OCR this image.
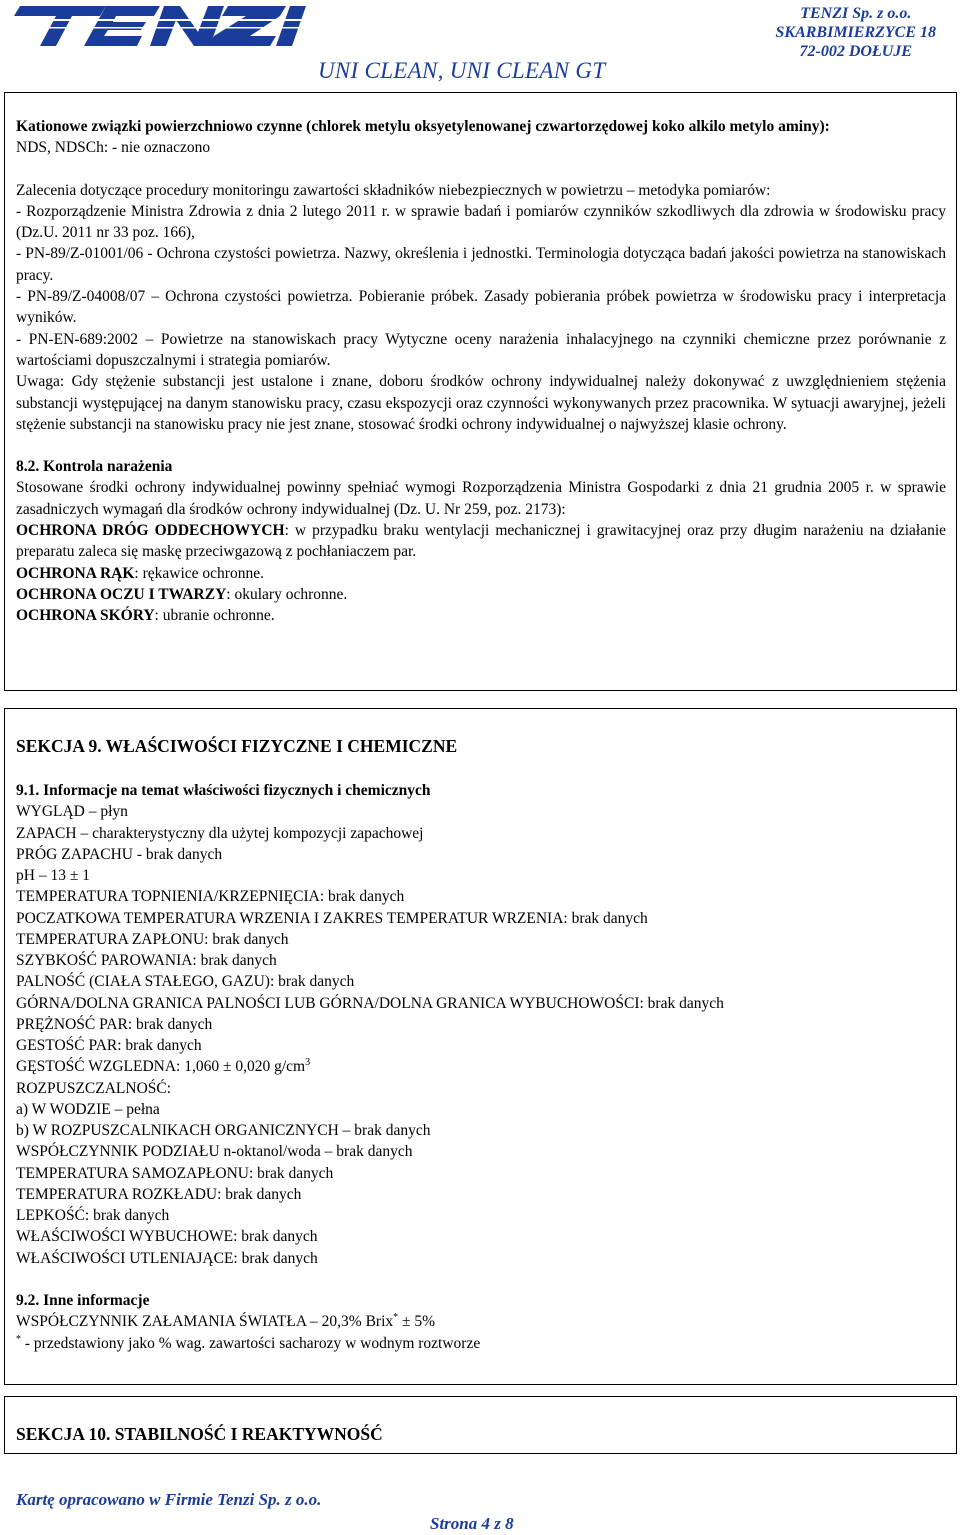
TENZI Sp. z o.o.
SKARBIMIERZYCE 18
72-002 DOŁUJE
UNI CLEAN, UNI CLEAN GT

Kationowe związki powierzchniowo czynne (chlorek metylu oksyetylenowanej czwartorzędowej koko alkilo metylo aminy):

NDS, NDSCh: - nie oznaczono

Zalecenia dotyczące procedury monitoringu zawartości składników niebezpiecznych w powietrzu – metodyka pomiarów:

- Rozporządzenie Ministra Zdrowia z dnia 2 lutego 2011 r. w sprawie badań i pomiarów czynników szkodliwych dla zdrowia w środowisku pracy (Dz.U. 2011 nr 33 poz. 166),

- PN-89/Z-01001/06 - Ochrona czystości powietrza. Nazwy, określenia i jednostki. Terminologia dotycząca badań jakości powietrza na stanowiskach pracy.

- PN-89/Z-04008/07 – Ochrona czystości powietrza. Pobieranie próbek. Zasady pobierania próbek powietrza w środowisku pracy i interpretacja wyników.

- PN-EN-689:2002 – Powietrze na stanowiskach pracy Wytyczne oceny narażenia inhalacyjnego na czynniki chemiczne przez porównanie z wartościami dopuszczalnymi i strategia pomiarów.

Uwaga: Gdy stężenie substancji jest ustalone i znane, doboru środków ochrony indywidualnej należy dokonywać z uwzględnieniem stężenia substancji występującej na danym stanowisku pracy, czasu ekspozycji oraz czynności wykonywanych przez pracownika. W sytuacji awaryjnej, jeżeli stężenie substancji na stanowisku pracy nie jest znane, stosować środki ochrony indywidualnej o najwyższej klasie ochrony.

8.2. Kontrola narażenia

Stosowane środki ochrony indywidualnej powinny spełniać wymogi Rozporządzenia Ministra Gospodarki z dnia 21 grudnia 2005 r. w sprawie zasadniczych wymagań dla środków ochrony indywidualnej (Dz. U. Nr 259, poz. 2173):

OCHRONA DRÓG ODDECHOWYCH: w przypadku braku wentylacji mechanicznej i grawitacyjnej oraz przy długim narażeniu na działanie preparatu zaleca się maskę przeciwgazową z pochłaniaczem par.

OCHRONA RĄK: rękawice ochronne.

OCHRONA OCZU I TWARZY: okulary ochronne.

OCHRONA SKÓRY: ubranie ochronne.

SEKCJA 9. WŁAŚCIWOŚCI FIZYCZNE I CHEMICZNE
9.1. Informacje na temat właściwości fizycznych i chemicznych
WYGLĄD – płyn
ZAPACH – charakterystyczny dla użytej kompozycji zapachowej
PRÓG ZAPACHU - brak danych
pH – 13 ± 1
TEMPERATURA TOPNIENIA/KRZEPNIĘCIA: brak danych
POCZATKOWA TEMPERATURA WRZENIA I ZAKRES TEMPERATUR WRZENIA: brak danych
TEMPERATURA ZAPŁONU: brak danych
SZYBKOŚĆ PAROWANIA: brak danych
PALNOŚĆ (CIAŁA STAŁEGO, GAZU): brak danych
GÓRNA/DOLNA GRANICA PALNOŚCI LUB GÓRNA/DOLNA GRANICA WYBUCHOWOŚCI: brak danych
PRĘŻNOŚĆ PAR: brak danych
GESTOŚĆ PAR: brak danych
GĘSTOŚĆ WZGLEDNA: 1,060 ± 0,020 $g/cm^3$
ROZPUSZCZALNOŚĆ:
a) W WODZIE – pełna
b) W ROZPUSZCALNIKACH ORGANICZNYCH – brak danych
WSPÓŁCZYNNIK PODZIAŁU n-oktanol/woda – brak danych
TEMPERATURA SAMOZAPŁONU: brak danych
TEMPERATURA ROZKŁADU: brak danych
LEPKOŚĆ: brak danych
WŁAŚCIWOŚCI WYBUCHOWE: brak danych
WŁAŚCIWOŚCI UTLENIAJĄCE: brak danych
9.2. Inne informacje
WSPÓŁCZYNNIK ZAŁAMANIA ŚWIATŁA – 20,3% Brix* ± 5%
* - przedstawiony jako % wag. zawartości sacharozy w wodnym roztworze
SEKCJA 10. STABILNOŚĆ I REAKTYWNOŚĆ
Kartę opracowano w Firmie Tenzi Sp. z o.o.
Strona 4 z 8
